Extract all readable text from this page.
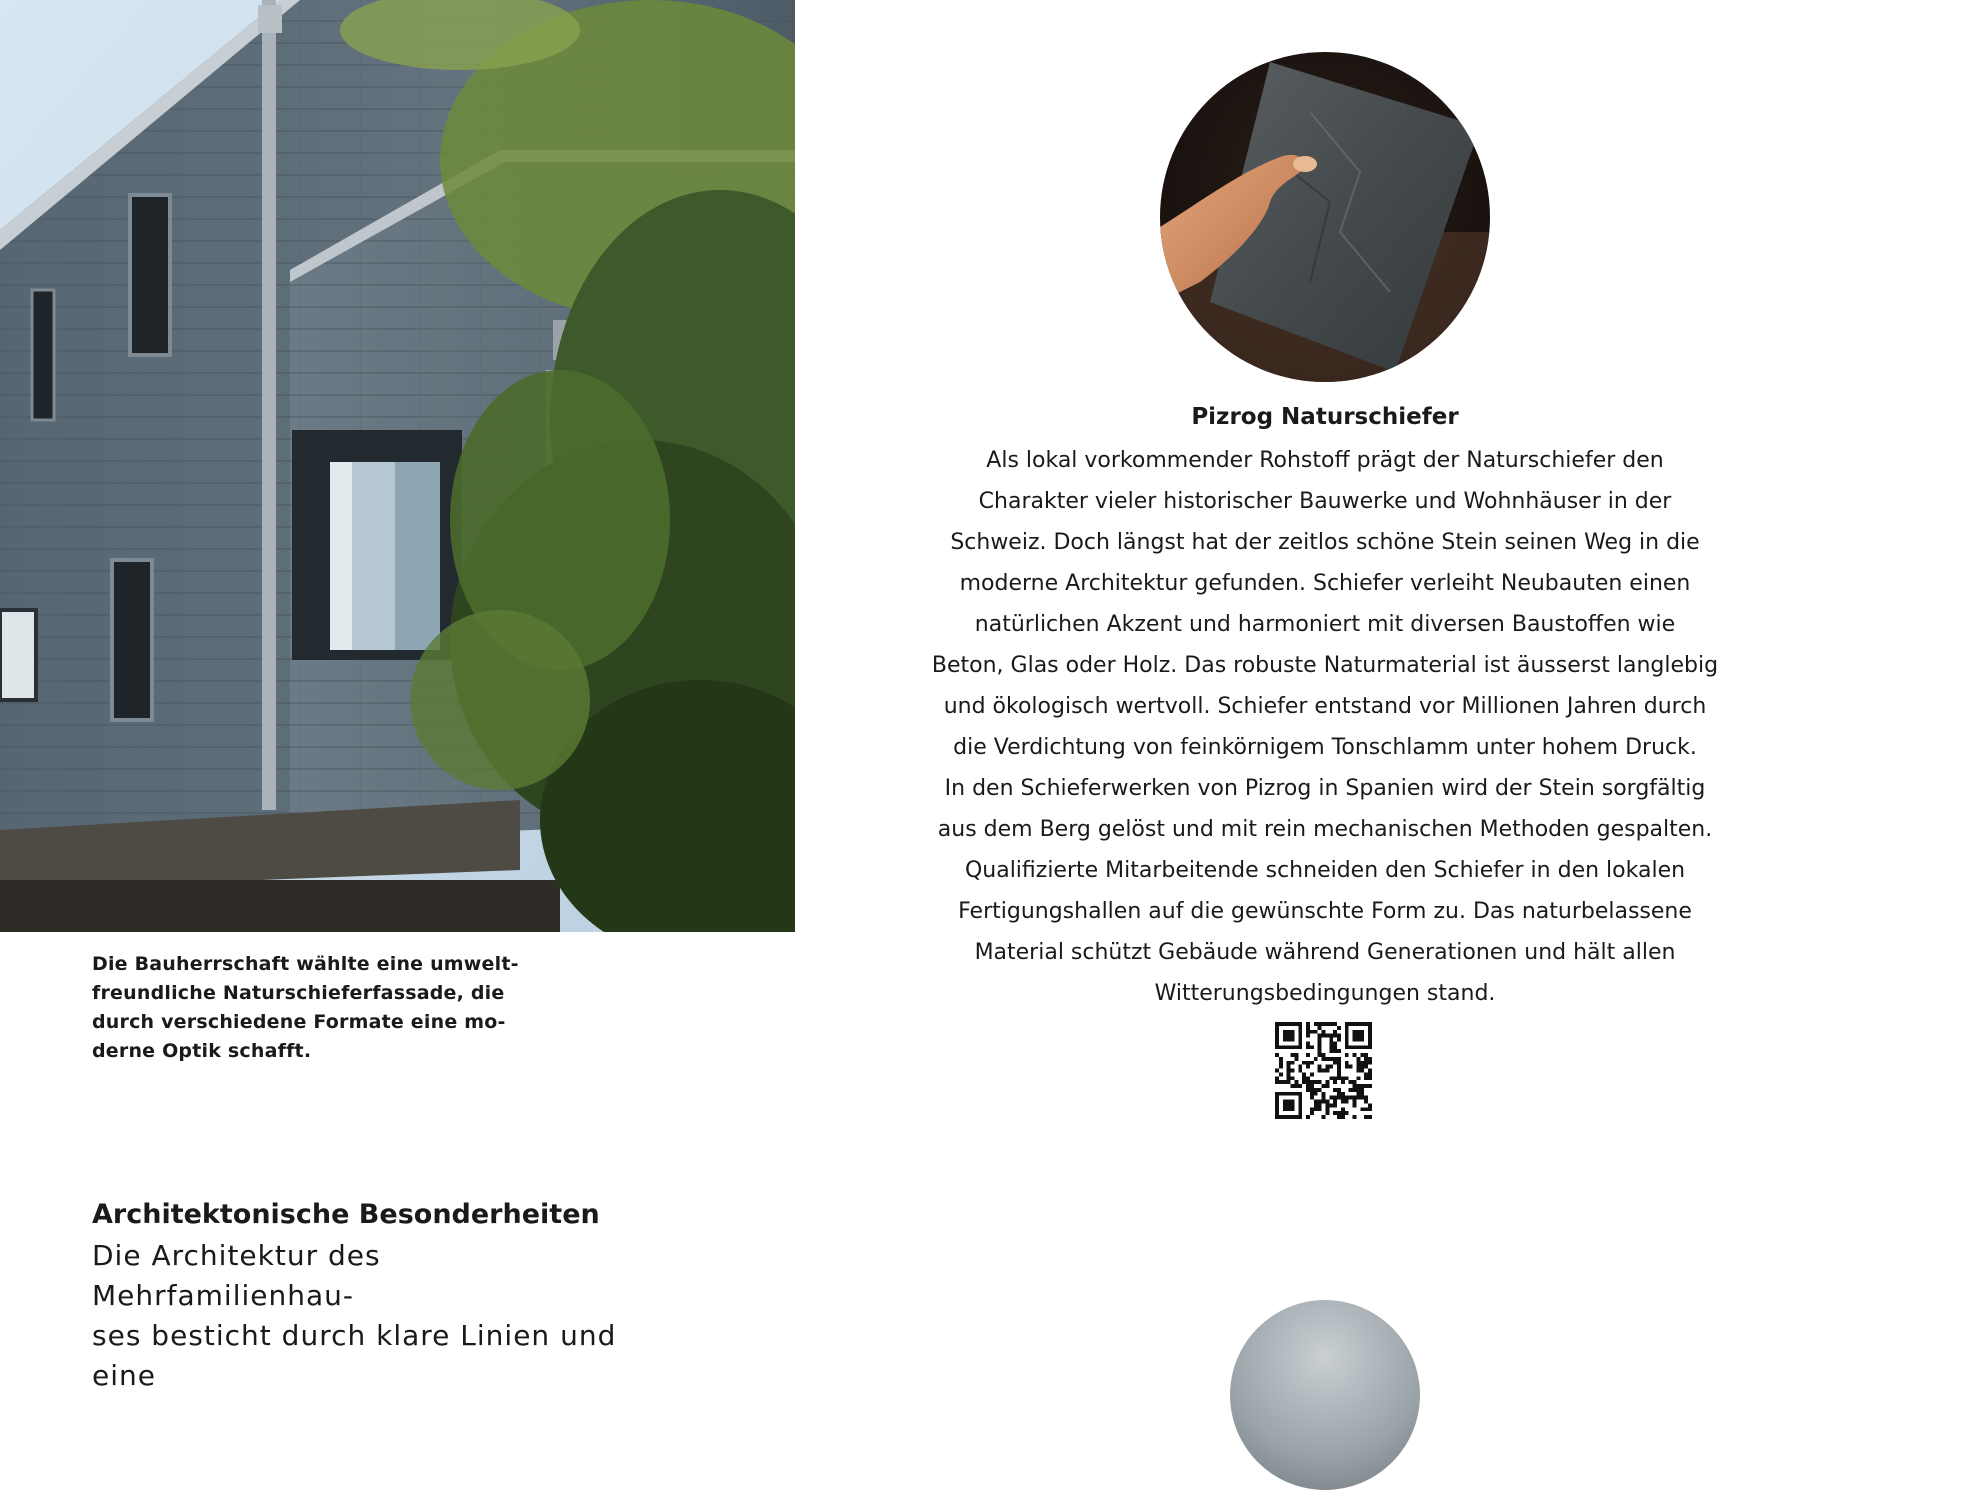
Die Bauherrschaft wählte eine umwelt-
freundliche Naturschieferfassade, die
durch verschiedene Formate eine mo-
derne Optik schafft.
Architektonische Besonderheiten
Die Architektur des Mehrfamilienhau-
ses besticht durch klare Linien und eine
Pizrog Naturschiefer
Als lokal vorkommender Rohstoff prägt der Naturschiefer den
Charakter vieler historischer Bauwerke und Wohnhäuser in der
Schweiz. Doch längst hat der zeitlos schöne Stein seinen Weg in die
moderne Architektur gefunden. Schiefer verleiht Neubauten einen
natürlichen Akzent und harmoniert mit diversen Baustoffen wie
Beton, Glas oder Holz. Das robuste Naturmaterial ist äusserst langlebig
und ökologisch wertvoll. Schiefer entstand vor Millionen Jahren durch
die Verdichtung von feinkörnigem Tonschlamm unter hohem Druck.
In den Schieferwerken von Pizrog in Spanien wird der Stein sorgfältig
aus dem Berg gelöst und mit rein mechanischen Methoden gespalten.
Qualifizierte Mitarbeitende schneiden den Schiefer in den lokalen
Fertigungshallen auf die gewünschte Form zu. Das naturbelassene
Material schützt Gebäude während Generationen und hält allen
Witterungsbedingungen stand.
